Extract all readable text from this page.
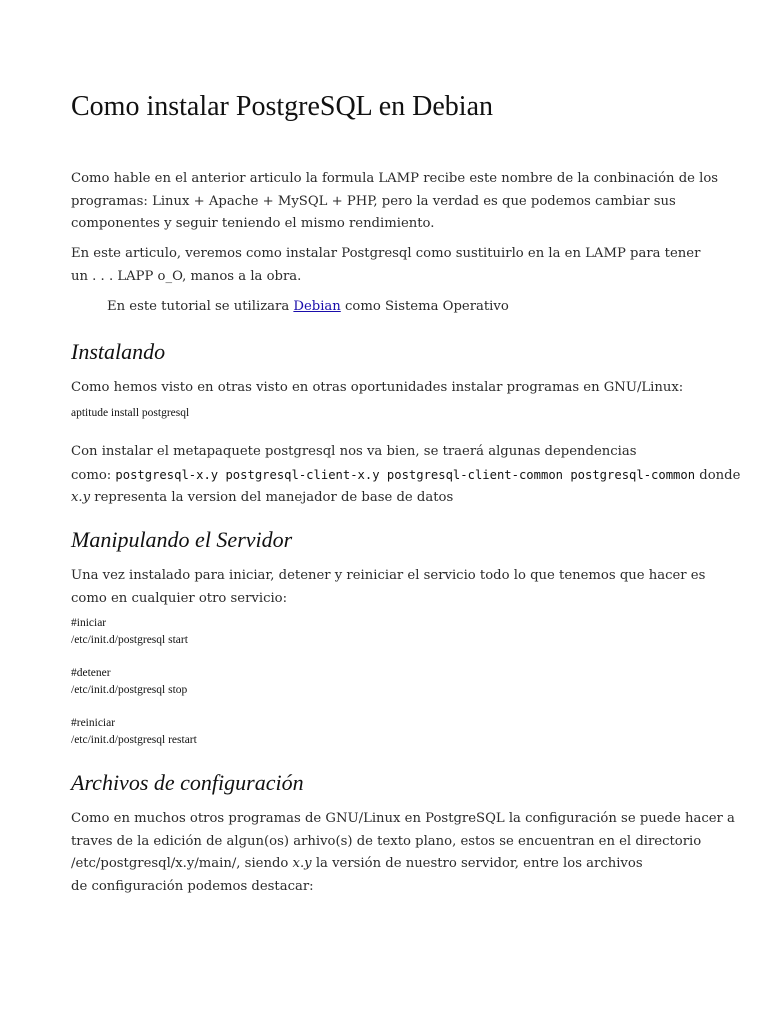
Como instalar PostgreSQL en Debian
Como hable en el anterior articulo la formula LAMP recibe este nombre de la conbinación de los
programas: Linux + Apache + MySQL + PHP, pero la verdad es que podemos cambiar sus
componentes y seguir teniendo el mismo rendimiento.
En este articulo, veremos como instalar Postgresql como sustituirlo en la en LAMP para tener
un . . . LAPP o_O, manos a la obra.
En este tutorial se utilizara Debian como Sistema Operativo
Instalando
Como hemos visto en otras visto en otras oportunidades instalar programas en GNU/Linux:
aptitude install postgresql
Con instalar el metapaquete postgresql nos va bien, se traerá algunas dependencias
como: postgresql-x.y postgresql-client-x.y postgresql-client-common postgresql-common donde
x.y representa la version del manejador de base de datos
Manipulando el Servidor
Una vez instalado para iniciar, detener y reiniciar el servicio todo lo que tenemos que hacer es
como en cualquier otro servicio:
#iniciar
/etc/init.d/postgresql start
#detener
/etc/init.d/postgresql stop
#reiniciar
/etc/init.d/postgresql restart
Archivos de configuración
Como en muchos otros programas de GNU/Linux en PostgreSQL la configuración se puede hacer a
traves de la edición de algun(os) arhivo(s) de texto plano, estos se encuentran en el directorio
/etc/postgresql/x.y/main/, siendo x.y la versión de nuestro servidor, entre los archivos
de configuración podemos destacar:
